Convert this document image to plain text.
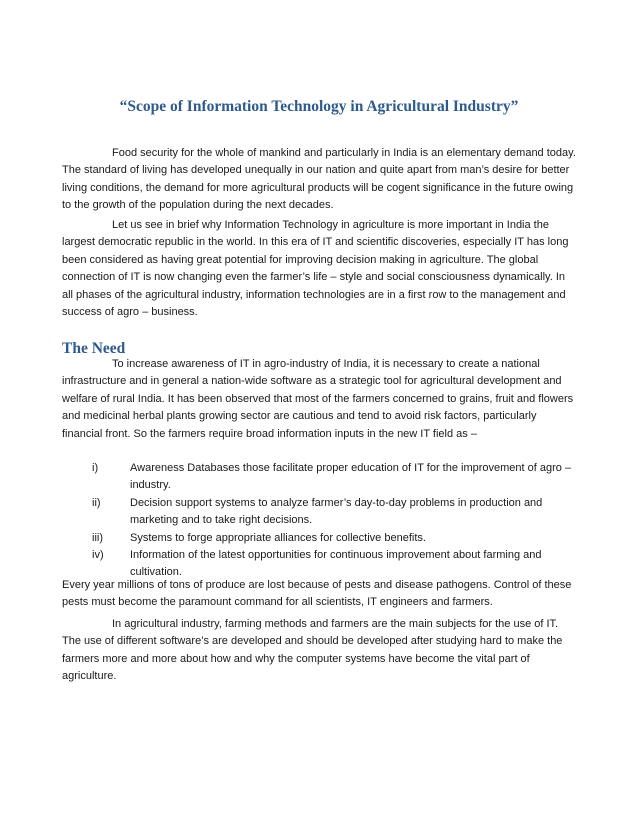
“Scope of Information Technology in Agricultural Industry”

Food security for the whole of mankind and particularly in India is an elementary demand today. The standard of living has developed unequally in our nation and quite apart from man’s desire for better living conditions, the demand for more agricultural products will be cogent significance in the future owing to the growth of the population during the next decades.

Let us see in brief why Information Technology in agriculture is more important in India the largest democratic republic in the world. In this era of IT and scientific discoveries, especially IT has long been considered as having great potential for improving decision making in agriculture. The global connection of IT is now changing even the farmer’s life – style and social consciousness dynamically. In all phases of the agricultural industry, information technologies are in a first row to the management and success of agro – business.

The Need

To increase awareness of IT in agro-industry of India, it is necessary to create a national infrastructure and in general a nation-wide software as a strategic tool for agricultural development and welfare of rural India. It has been observed that most of the farmers concerned to grains, fruit and flowers and medicinal herbal plants growing sector are cautious and tend to avoid risk factors, particularly financial front. So the farmers require broad information inputs in the new IT field as –

i)	Awareness Databases those facilitate proper education of IT for the improvement of agro – industry.
ii)	Decision support systems to analyze farmer’s day-to-day problems in production and marketing and to take right decisions.
iii)	Systems to forge appropriate alliances for collective benefits.
iv)	Information of the latest opportunities for continuous improvement about farming and cultivation.

Every year millions of tons of produce are lost because of pests and disease pathogens. Control of these pests must become the paramount command for all scientists, IT engineers and farmers.

In agricultural industry, farming methods and farmers are the main subjects for the use of IT. The use of different software’s are developed and should be developed after studying hard to make the farmers more and more about how and why the computer systems have become the vital part of agriculture.
